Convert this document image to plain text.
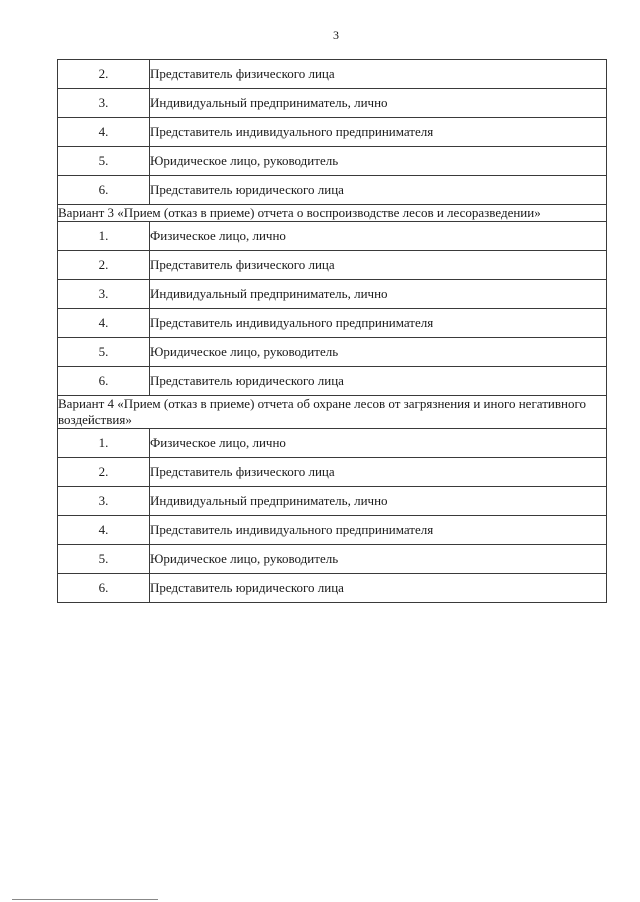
3
2.	Представитель физического лица
3.	Индивидуальный предприниматель, лично
4.	Представитель индивидуального предпринимателя
5.	Юридическое лицо, руководитель
6.	Представитель юридического лица
Вариант 3 «Прием (отказ в приеме) отчета о воспроизводстве лесов и лесоразведении»	
1.	Физическое лицо, лично
2.	Представитель физического лица
3.	Индивидуальный предприниматель, лично
4.	Представитель индивидуального предпринимателя
5.	Юридическое лицо, руководитель
6.	Представитель юридического лица
Вариант 4 «Прием (отказ в приеме) отчета об охране лесов от загрязнения и иного негативного воздействия»	
1.	Физическое лицо, лично
2.	Представитель физического лица
3.	Индивидуальный предприниматель, лично
4.	Представитель индивидуального предпринимателя
5.	Юридическое лицо, руководитель
6.	Представитель юридического лица
